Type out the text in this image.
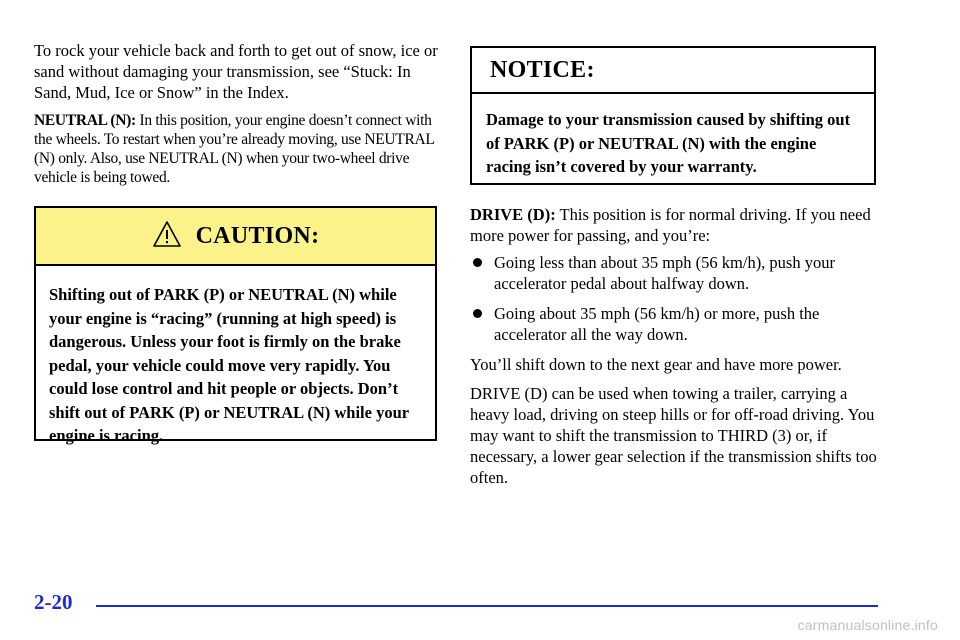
To rock your vehicle back and forth to get out of snow, ice or sand without damaging your transmission, see “Stuck: In Sand, Mud, Ice or Snow” in the Index.

NEUTRAL (N): In this position, your engine doesn’t connect with the wheels. To restart when you’re already moving, use NEUTRAL (N) only. Also, use NEUTRAL (N) when your two-wheel drive vehicle is being towed.

CAUTION:

Shifting out of PARK (P) or NEUTRAL (N) while your engine is “racing” (running at high speed) is dangerous. Unless your foot is firmly on the brake pedal, your vehicle could move very rapidly. You could lose control and hit people or objects. Don’t shift out of PARK (P) or NEUTRAL (N) while your engine is racing.

NOTICE:

Damage to your transmission caused by shifting out of PARK (P) or NEUTRAL (N) with the engine racing isn’t covered by your warranty.

DRIVE (D): This position is for normal driving. If you need more power for passing, and you’re:

Going less than about 35 mph (56 km/h), push your accelerator pedal about halfway down.
Going about 35 mph (56 km/h) or more, push the accelerator all the way down.

You’ll shift down to the next gear and have more power.

DRIVE (D) can be used when towing a trailer, carrying a heavy load, driving on steep hills or for off-road driving. You may want to shift the transmission to THIRD (3) or, if necessary, a lower gear selection if the transmission shifts too often.

2-20
carmanualsonline.info
